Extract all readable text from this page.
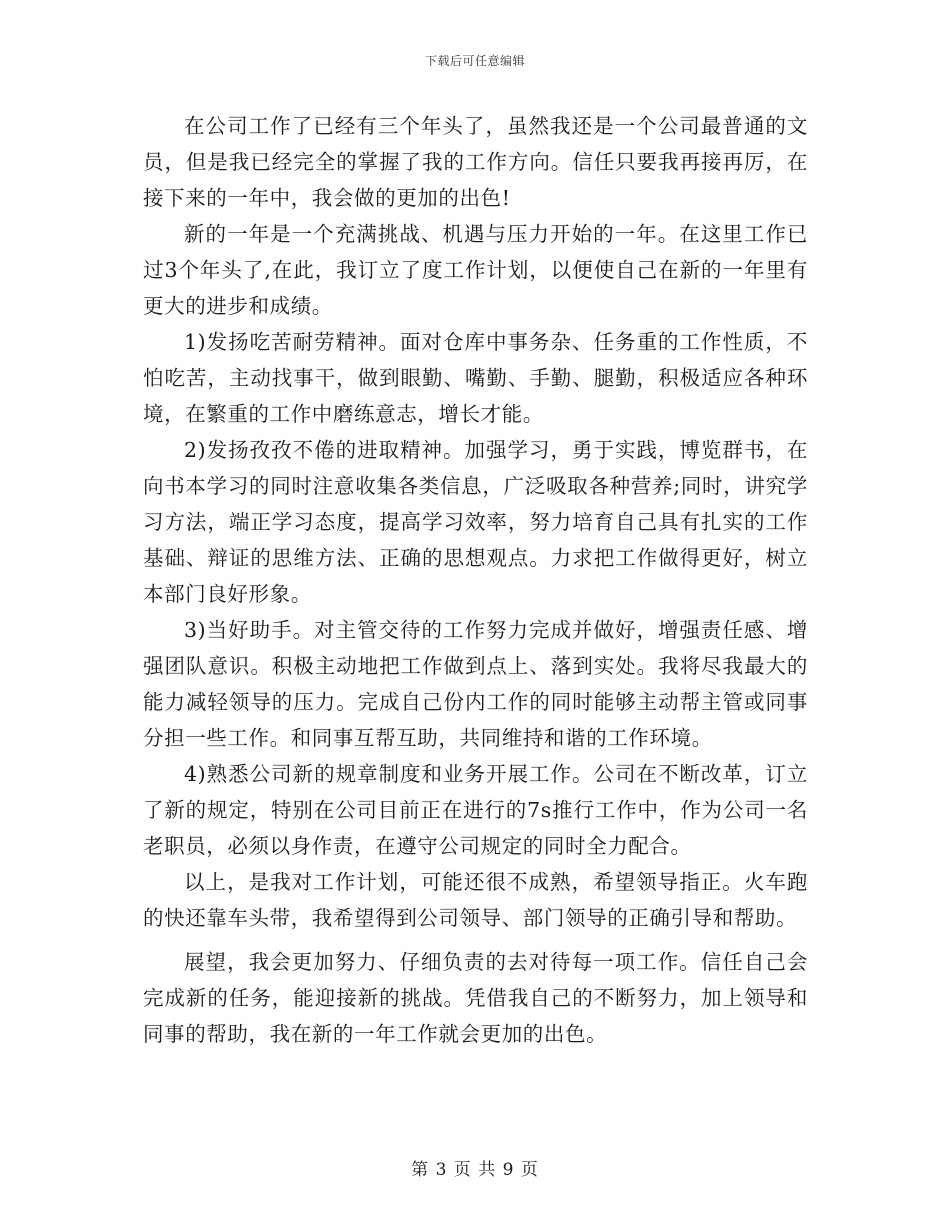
下载后可任意编辑

在公司工作了已经有三个年头了，虽然我还是一个公司最普通的文员，但是我已经完全的掌握了我的工作方向。信任只要我再接再厉，在接下来的一年中，我会做的更加的出色!

新的一年是一个充满挑战、机遇与压力开始的一年。在这里工作已过3个年头了,在此，我订立了度工作计划，以便使自己在新的一年里有更大的进步和成绩。

1)发扬吃苦耐劳精神。面对仓库中事务杂、任务重的工作性质，不怕吃苦，主动找事干，做到眼勤、嘴勤、手勤、腿勤，积极适应各种环境，在繁重的工作中磨练意志，增长才能。

2)发扬孜孜不倦的进取精神。加强学习，勇于实践，博览群书，在向书本学习的同时注意收集各类信息，广泛吸取各种营养;同时，讲究学习方法，端正学习态度，提高学习效率，努力培育自己具有扎实的工作基础、辩证的思维方法、正确的思想观点。力求把工作做得更好，树立本部门良好形象。

3)当好助手。对主管交待的工作努力完成并做好，增强责任感、增强团队意识。积极主动地把工作做到点上、落到实处。我将尽我最大的能力减轻领导的压力。完成自己份内工作的同时能够主动帮主管或同事分担一些工作。和同事互帮互助，共同维持和谐的工作环境。

4)熟悉公司新的规章制度和业务开展工作。公司在不断改革，订立了新的规定，特别在公司目前正在进行的7s推行工作中，作为公司一名老职员，必须以身作责，在遵守公司规定的同时全力配合。

以上，是我对工作计划，可能还很不成熟，希望领导指正。火车跑的快还靠车头带，我希望得到公司领导、部门领导的正确引导和帮助。

展望，我会更加努力、仔细负责的去对待每一项工作。信任自己会完成新的任务，能迎接新的挑战。凭借我自己的不断努力，加上领导和同事的帮助，我在新的一年工作就会更加的出色。

第 3 页 共 9 页
